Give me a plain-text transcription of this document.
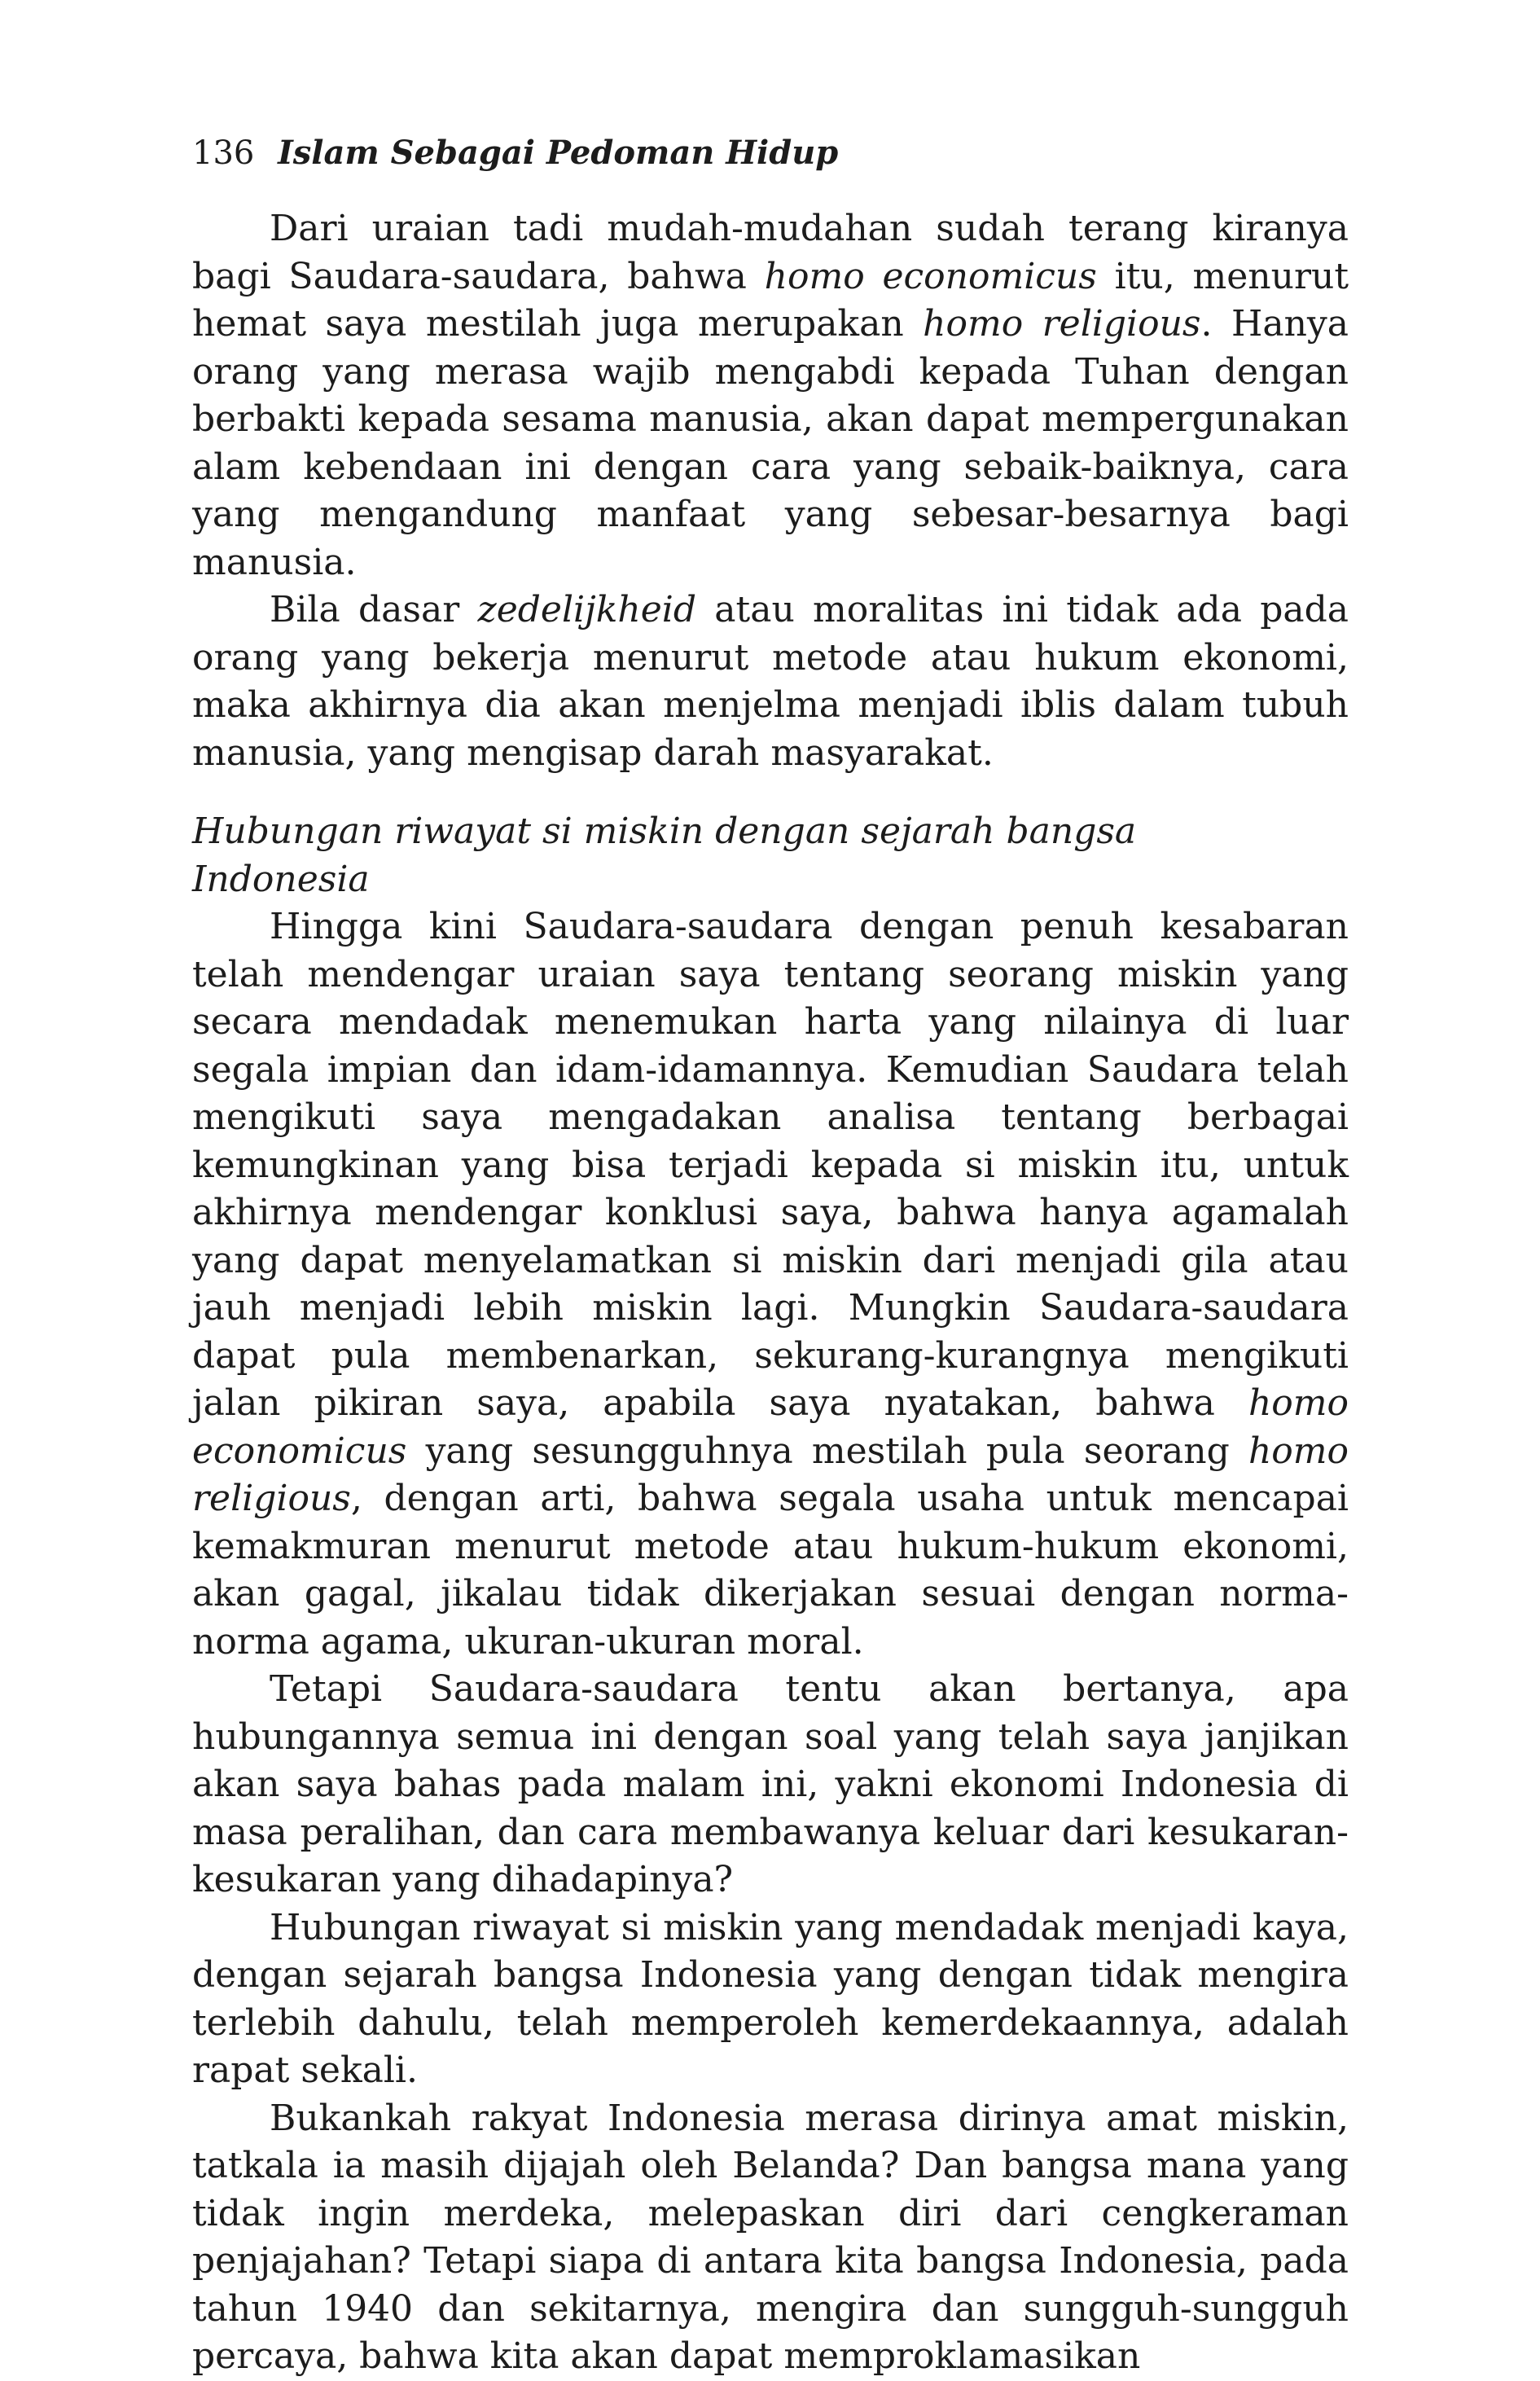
136 Islam Sebagai Pedoman Hidup

Dari uraian tadi mudah-mudahan sudah terang kiranya bagi Saudara-saudara, bahwa homo economicus itu, menurut hemat saya mestilah juga merupakan homo religious. Hanya orang yang merasa wajib mengabdi kepada Tuhan dengan berbakti kepada sesama manusia, akan dapat mempergunakan alam kebendaan ini dengan cara yang sebaik-baiknya, cara yang mengandung manfaat yang sebesar-besarnya bagi manusia.

Bila dasar zedelijkheid atau moralitas ini tidak ada pada orang yang bekerja menurut metode atau hukum ekonomi, maka akhirnya dia akan menjelma menjadi iblis dalam tubuh manusia, yang mengisap darah masyarakat.

Hubungan riwayat si miskin dengan sejarah bangsa Indonesia

Hingga kini Saudara-saudara dengan penuh kesabaran telah mendengar uraian saya tentang seorang miskin yang secara mendadak menemukan harta yang nilainya di luar segala impian dan idam-idamannya. Kemudian Saudara telah mengikuti saya mengadakan analisa tentang berbagai kemungkinan yang bisa terjadi kepada si miskin itu, untuk akhirnya mendengar konklusi saya, bahwa hanya agamalah yang dapat menyelamatkan si miskin dari menjadi gila atau jauh menjadi lebih miskin lagi. Mungkin Saudara-saudara dapat pula membenarkan, sekurang-kurangnya mengikuti jalan pikiran saya, apabila saya nyatakan, bahwa homo economicus yang sesungguhnya mestilah pula seorang homo religious, dengan arti, bahwa segala usaha untuk mencapai kemakmuran menurut metode atau hukum-hukum ekonomi, akan gagal, jikalau tidak dikerjakan sesuai dengan norma-norma agama, ukuran-ukuran moral.

Tetapi Saudara-saudara tentu akan bertanya, apa hubungannya semua ini dengan soal yang telah saya janjikan akan saya bahas pada malam ini, yakni ekonomi Indonesia di masa peralihan, dan cara membawanya keluar dari kesukaran-kesukaran yang dihadapinya?

Hubungan riwayat si miskin yang mendadak menjadi kaya, dengan sejarah bangsa Indonesia yang dengan tidak mengira terlebih dahulu, telah memperoleh kemerdekaannya, adalah rapat sekali.

Bukankah rakyat Indonesia merasa dirinya amat miskin, tatkala ia masih dijajah oleh Belanda? Dan bangsa mana yang tidak ingin merdeka, melepaskan diri dari cengkeraman penjajahan? Tetapi siapa di antara kita bangsa Indonesia, pada tahun 1940 dan sekitarnya, mengira dan sungguh-sungguh percaya, bahwa kita akan dapat memproklamasikan
